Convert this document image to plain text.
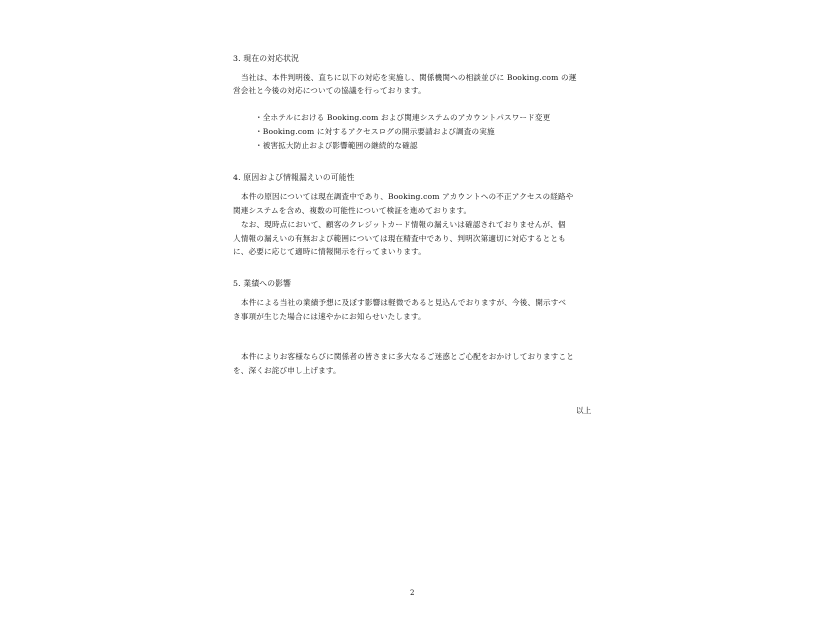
3. 現在の対応状況
当社は、本件判明後、直ちに以下の対応を実施し、関係機関への相談並びに Booking.com の運
営会社と今後の対応についての協議を行っております。
・全ホテルにおける Booking.com および関連システムのアカウントパスワード変更
・Booking.com に対するアクセスログの開示要請および調査の実施
・被害拡大防止および影響範囲の継続的な確認
4. 原因および情報漏えいの可能性
本件の原因については現在調査中であり、Booking.com アカウントへの不正アクセスの経路や
関連システムを含め、複数の可能性について検証を進めております。
なお、現時点において、顧客のクレジットカード情報の漏えいは確認されておりませんが、個
人情報の漏えいの有無および範囲については現在精査中であり、判明次第適切に対応するととも
に、必要に応じて適時に情報開示を行ってまいります。
5. 業績への影響
本件による当社の業績予想に及ぼす影響は軽微であると見込んでおりますが、今後、開示すべ
き事項が生じた場合には速やかにお知らせいたします。
本件によりお客様ならびに関係者の皆さまに多大なるご迷惑とご心配をおかけしておりますこと
を、深くお詫び申し上げます。
以上
2
